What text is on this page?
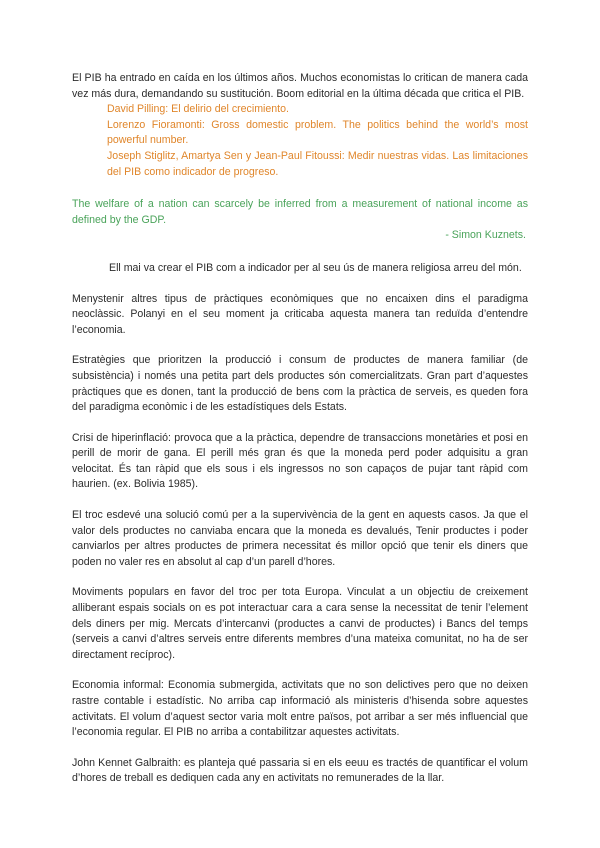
El PIB ha entrado en caída en los últimos años. Muchos economistas lo critican de manera cada vez más dura, demandando su sustitución. Boom editorial en la última década que critica el PIB.

David Pilling: El delirio del crecimiento.

Lorenzo Fioramonti: Gross domestic problem. The politics behind the world’s most powerful number.

Joseph Stiglitz, Amartya Sen y Jean-Paul Fitoussi: Medir nuestras vidas. Las limitaciones del PIB como indicador de progreso.

The welfare of a nation can scarcely be inferred from a measurement of national income as defined by the GDP.

- Simon Kuznets.

Ell mai va crear el PIB com a indicador per al seu ús de manera religiosa arreu del món.

Menystenir altres tipus de pràctiques econòmiques que no encaixen dins el paradigma neoclàssic. Polanyi en el seu moment ja criticaba aquesta manera tan reduïda d’entendre l’economia.

Estratègies que prioritzen la producció i consum de productes de manera familiar (de subsistència) i només una petita part dels productes són comercialitzats. Gran part d’aquestes pràctiques que es donen, tant la producció de bens com la pràctica de serveis, es queden fora del paradigma econòmic i de les estadístiques dels Estats.

Crisi de hiperinflació: provoca que a la pràctica, dependre de transaccions monetàries et posi en perill de morir de gana. El perill més gran és que la moneda perd poder adquisitu a gran velocitat. És tan ràpid que els sous i els ingressos no son capaços de pujar tant ràpid com haurien. (ex. Bolivia 1985).

El troc esdevé una solució comú per a la supervivència de la gent en aquests casos. Ja que el valor dels productes no canviaba encara que la moneda es devalués, Tenir productes i poder canviarlos per altres productes de primera necessitat és millor opció que tenir els diners que poden no valer res en absolut al cap d’un parell d’hores.

Moviments populars en favor del troc per tota Europa. Vinculat a un objectiu de creixement alliberant espais socials on es pot interactuar cara a cara sense la necessitat de tenir l’element dels diners per mig. Mercats d’intercanvi (productes a canvi de productes) i Bancs del temps (serveis a canvi d’altres serveis entre diferents membres d’una mateixa comunitat, no ha de ser directament recíproc).

Economia informal: Economia submergida, activitats que no son delictives pero que no deixen rastre contable i estadístic. No arriba cap informació als ministeris d’hisenda sobre aquestes activitats. El volum d’aquest sector varia molt entre països, pot arribar a ser més influencial que l’economia regular. El PIB no arriba a contabilitzar aquestes activitats.

John Kennet Galbraith: es planteja qué passaria si en els eeuu es tractés de quantificar el volum d’hores de treball es dediquen cada any en activitats no remunerades de la llar.
